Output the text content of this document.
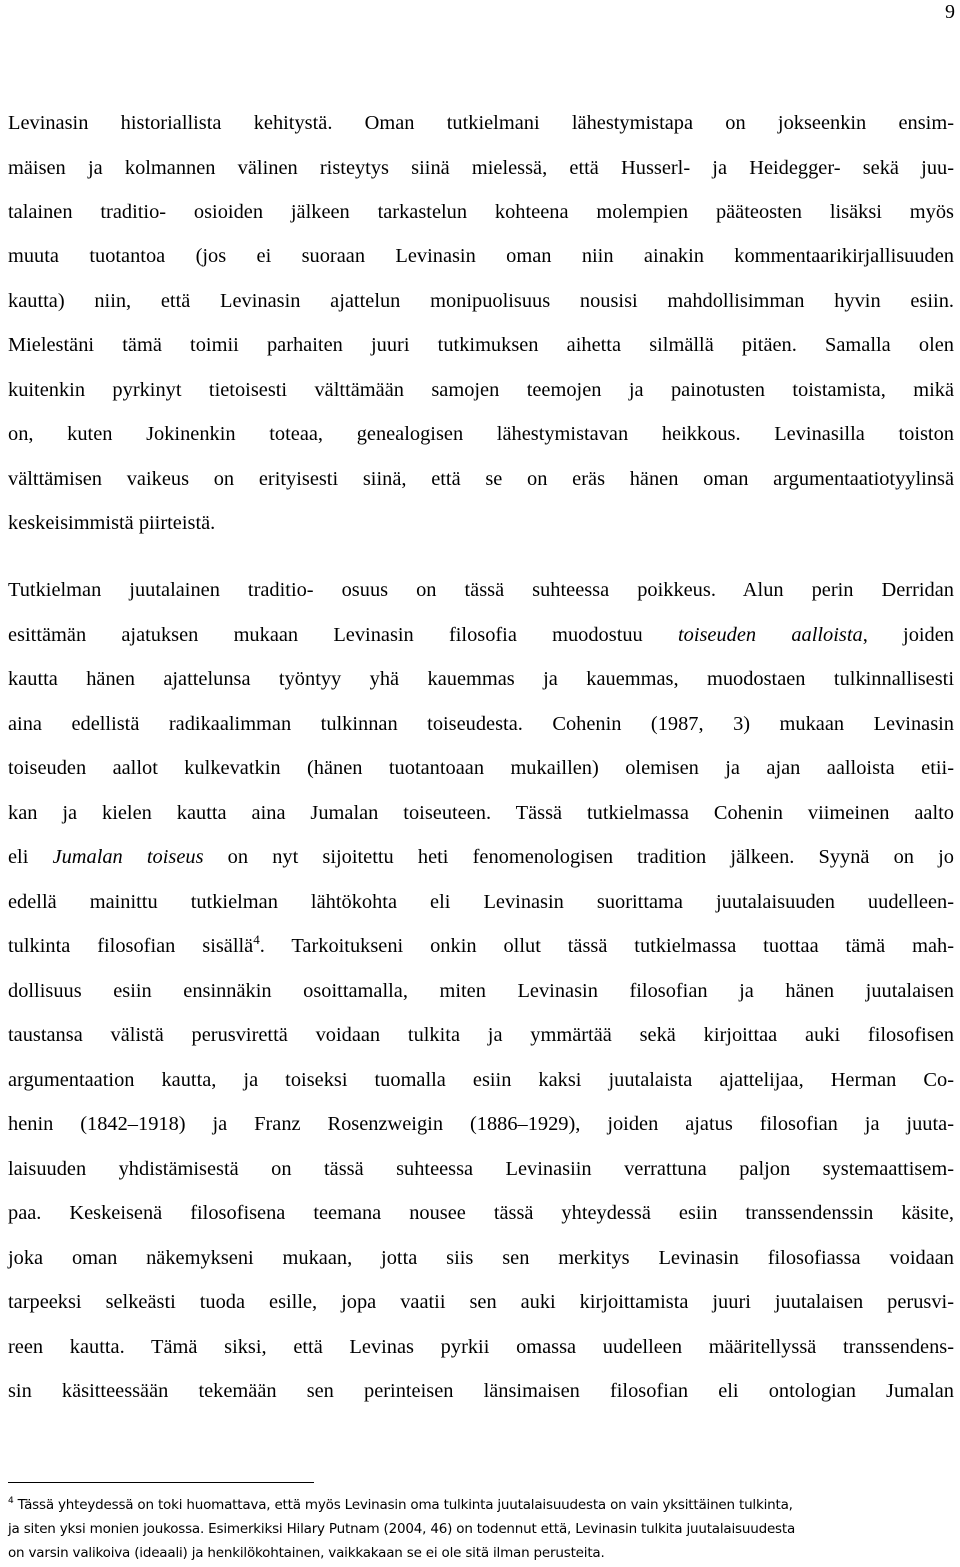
9
Levinasin historiallista kehitystä. Oman tutkielmani lähestymistapa on jokseenkin ensim-
mäisen ja kolmannen välinen risteytys siinä mielessä, että Husserl- ja Heidegger- sekä juu-
talainen traditio- osioiden jälkeen tarkastelun kohteena molempien pääteosten lisäksi myös
muuta tuotantoa (jos ei suoraan Levinasin oman niin ainakin kommentaarikirjallisuuden
kautta) niin, että Levinasin ajattelun monipuolisuus nousisi mahdollisimman hyvin esiin.
Mielestäni tämä toimii parhaiten juuri tutkimuksen aihetta silmällä pitäen. Samalla olen
kuitenkin pyrkinyt tietoisesti välttämään samojen teemojen ja painotusten toistamista, mikä
on, kuten Jokinenkin toteaa, genealogisen lähestymistavan heikkous. Levinasilla toiston
välttämisen vaikeus on erityisesti siinä, että se on eräs hänen oman argumentaatiotyylinsä
keskeisimmistä piirteistä.
Tutkielman juutalainen traditio- osuus on tässä suhteessa poikkeus. Alun perin Derridan
esittämän ajatuksen mukaan Levinasin filosofia muodostuu toiseuden aalloista, joiden
kautta hänen ajattelunsa työntyy yhä kauemmas ja kauemmas, muodostaen tulkinnallisesti
aina edellistä radikaalimman tulkinnan toiseudesta. Cohenin (1987, 3) mukaan Levinasin
toiseuden aallot kulkevatkin (hänen tuotantoaan mukaillen) olemisen ja ajan aalloista etii-
kan ja kielen kautta aina Jumalan toiseuteen. Tässä tutkielmassa Cohenin viimeinen aalto
eli Jumalan toiseus on nyt sijoitettu heti fenomenologisen tradition jälkeen. Syynä on jo
edellä mainittu tutkielman lähtökohta eli Levinasin suorittama juutalaisuuden uudelleen-
tulkinta filosofian sisällä$^4$. Tarkoitukseni onkin ollut tässä tutkielmassa tuottaa tämä mah-
dollisuus esiin ensinnäkin osoittamalla, miten Levinasin filosofian ja hänen juutalaisen
taustansa välistä perusvirettä voidaan tulkita ja ymmärtää sekä kirjoittaa auki filosofisen
argumentaation kautta, ja toiseksi tuomalla esiin kaksi juutalaista ajattelijaa, Herman Co-
henin (1842–1918) ja Franz Rosenzweigin (1886–1929), joiden ajatus filosofian ja juuta-
laisuuden yhdistämisestä on tässä suhteessa Levinasiin verrattuna paljon systemaattisem-
paa. Keskeisenä filosofisena teemana nousee tässä yhteydessä esiin transsendenssin käsite,
joka oman näkemykseni mukaan, jotta siis sen merkitys Levinasin filosofiassa voidaan
tarpeeksi selkeästi tuoda esille, jopa vaatii sen auki kirjoittamista juuri juutalaisen perusvi-
reen kautta. Tämä siksi, että Levinas pyrkii omassa uudelleen määritellyssä transsendens-
sin käsitteessään tekemään sen perinteisen länsimaisen filosofian eli ontologian Jumalan
$^4$ Tässä yhteydessä on toki huomattava, että myös Levinasin oma tulkinta juutalaisuudesta on vain yksittäinen tulkinta,
ja siten yksi monien joukossa. Esimerkiksi Hilary Putnam (2004, 46) on todennut että, Levinasin tulkita juutalaisuudesta
on varsin valikoiva (ideaali) ja henkilökohtainen, vaikkakaan se ei ole sitä ilman perusteita.
